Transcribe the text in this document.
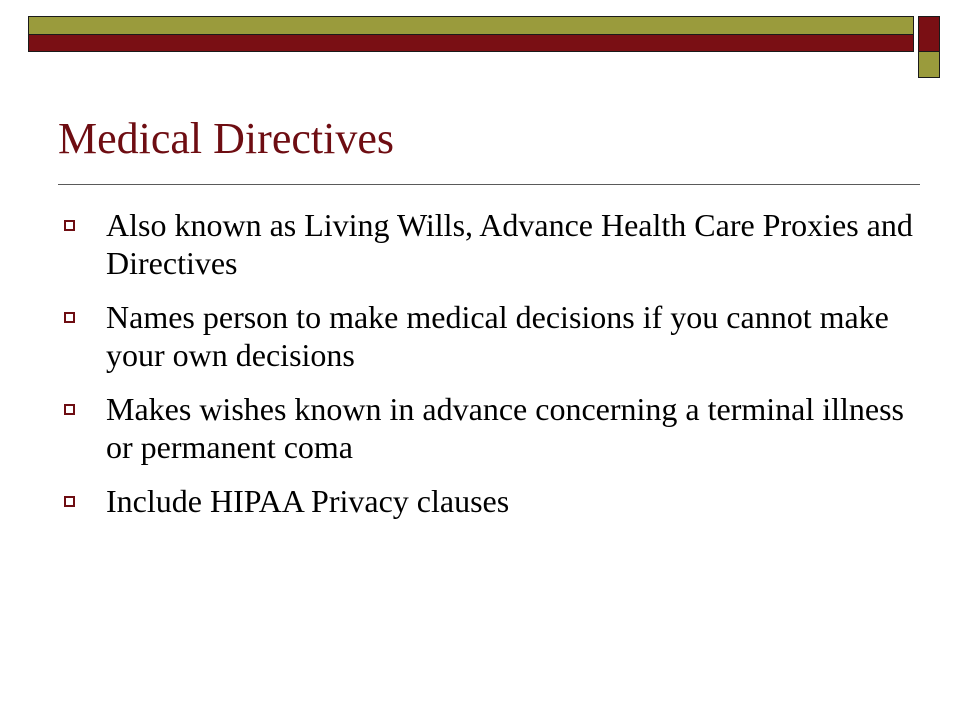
Medical Directives
Also known as Living Wills, Advance Health Care Proxies and Directives
Names person to make medical decisions if you cannot make your own decisions
Makes wishes known in advance concerning a terminal illness or permanent coma
Include HIPAA Privacy clauses
